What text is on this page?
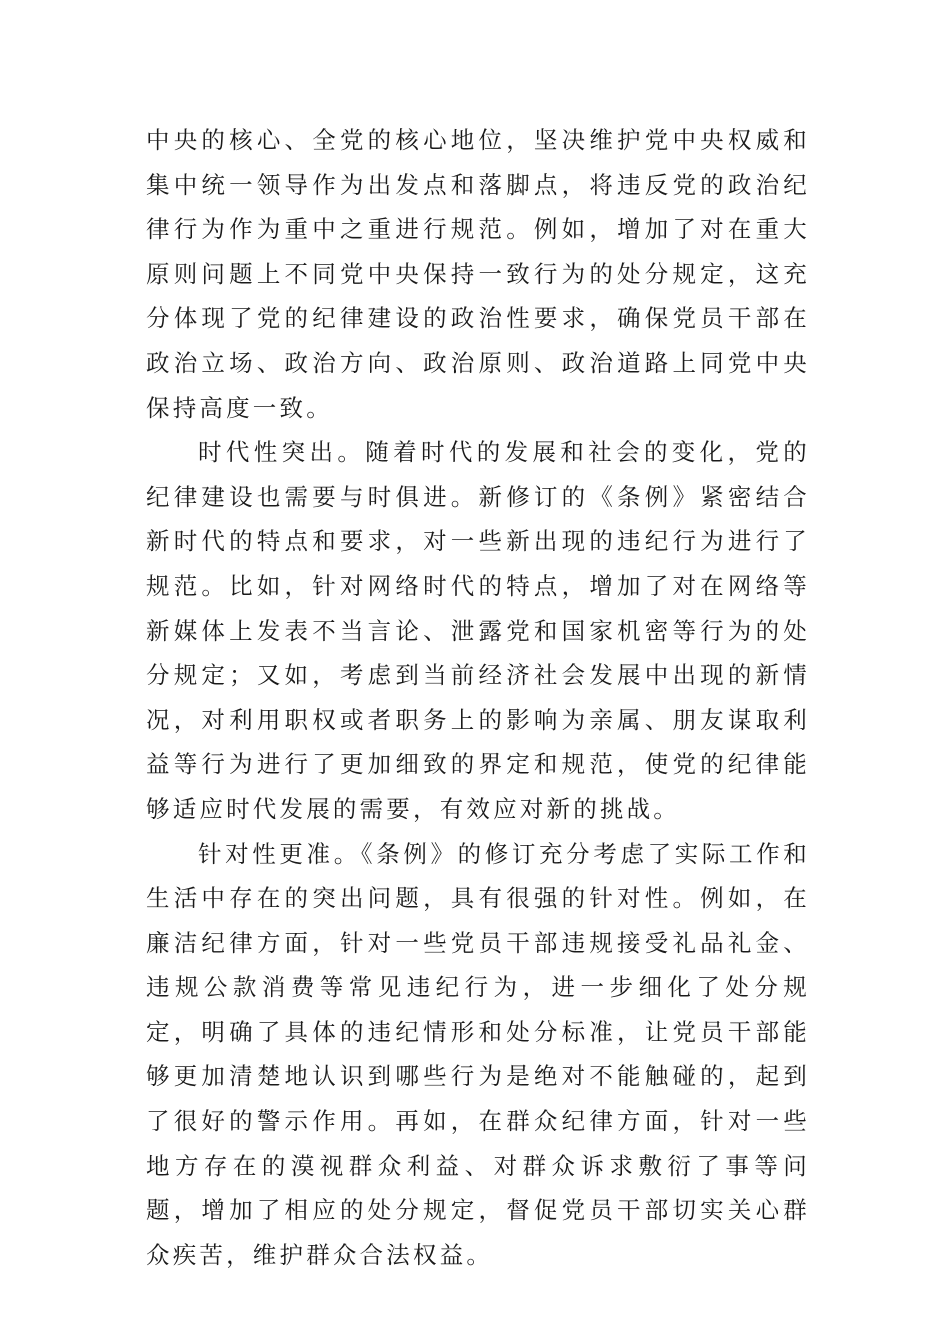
中央的核心、全党的核心地位，坚决维护党中央权威和集中统一领导作为出发点和落脚点，将违反党的政治纪律行为作为重中之重进行规范。例如，增加了对在重大原则问题上不同党中央保持一致行为的处分规定，这充分体现了党的纪律建设的政治性要求，确保党员干部在政治立场、政治方向、政治原则、政治道路上同党中央保持高度一致。

时代性突出。随着时代的发展和社会的变化，党的纪律建设也需要与时俱进。新修订的《条例》紧密结合新时代的特点和要求，对一些新出现的违纪行为进行了规范。比如，针对网络时代的特点，增加了对在网络等新媒体上发表不当言论、泄露党和国家机密等行为的处分规定；又如，考虑到当前经济社会发展中出现的新情况，对利用职权或者职务上的影响为亲属、朋友谋取利益等行为进行了更加细致的界定和规范，使党的纪律能够适应时代发展的需要，有效应对新的挑战。

针对性更准。《条例》的修订充分考虑了实际工作和生活中存在的突出问题，具有很强的针对性。例如，在廉洁纪律方面，针对一些党员干部违规接受礼品礼金、违规公款消费等常见违纪行为，进一步细化了处分规定，明确了具体的违纪情形和处分标准，让党员干部能够更加清楚地认识到哪些行为是绝对不能触碰的，起到了很好的警示作用。再如，在群众纪律方面，针对一些地方存在的漠视群众利益、对群众诉求敷衍了事等问题，增加了相应的处分规定，督促党员干部切实关心群众疾苦，维护群众合法权益。
